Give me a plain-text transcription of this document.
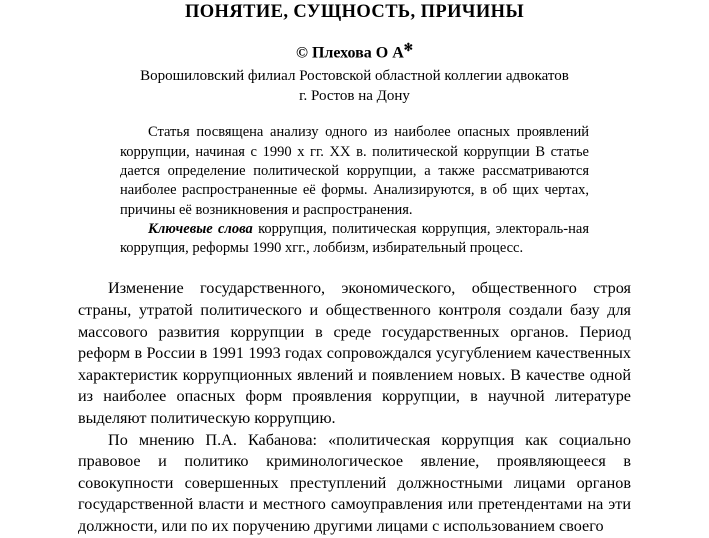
ПОНЯТИЕ, СУЩНОСТЬ, ПРИЧИНЫ
© Плехова О А✻
Ворошиловский филиал Ростовской областной коллегии адвокатов
г. Ростов на Дону

Статья посвящена анализу одного из наиболее опасных проявлений коррупции, начиная с 1990 х гг. XX в. политической коррупции В статье дается определение политической коррупции, а также рассматриваются наиболее распространенные её формы. Анализируются, в об щих чертах, причины её возникновения и распространения.

Ключевые слова коррупция, политическая коррупция, электораль-ная коррупция, реформы 1990 хгг., лоббизм, избирательный процесс.

Изменение государственного, экономического, общественного строя страны, утратой политического и общественного контроля создали базу для массового развития коррупции в среде государственных органов. Период реформ в России в 1991 1993 годах сопровождался усугублением качественных характеристик коррупционных явлений и появлением новых. В качестве одной из наиболее опасных форм проявления коррупции, в научной литературе выделяют политическую коррупцию.

По мнению П.А. Кабанова: «политическая коррупция как социально правовое и политико криминологическое явление, проявляющееся в совокупности совершенных преступлений должностными лицами органов государственной власти и местного самоуправления или претендентами на эти должности, или по их поручению другими лицами с использованием своего
